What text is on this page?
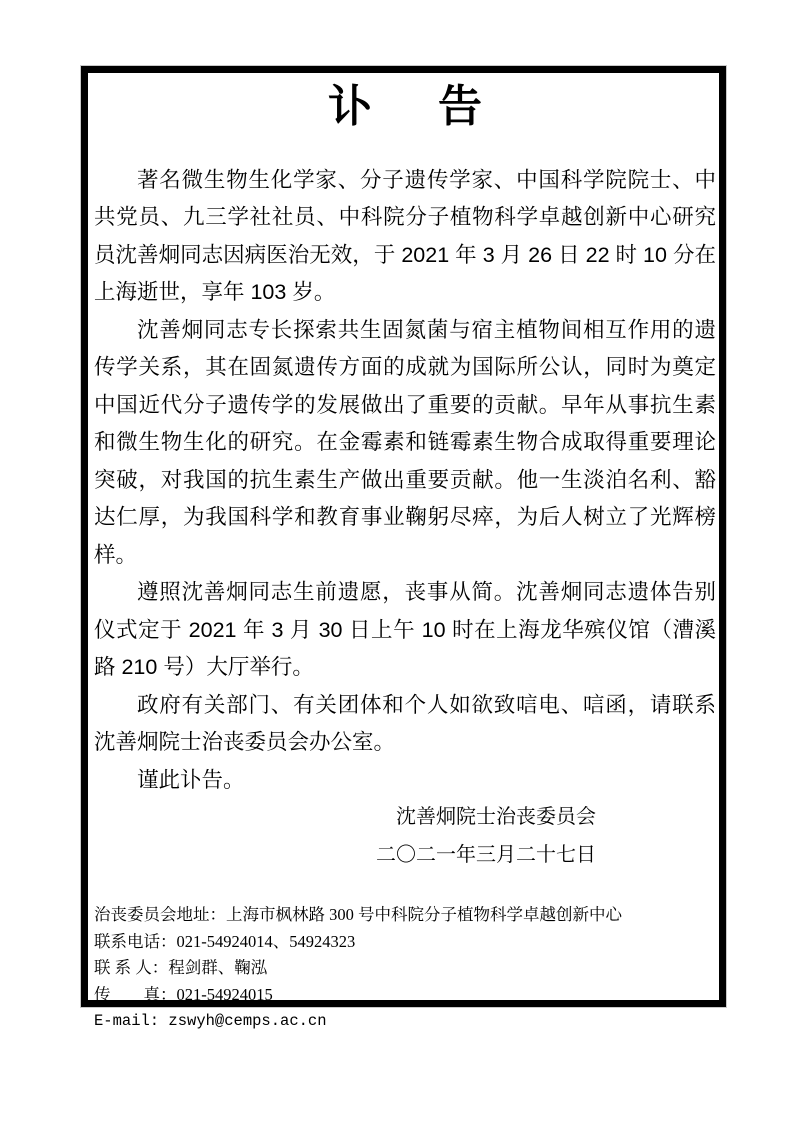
讣 告

著名微生物生化学家、分子遗传学家、中国科学院院士、中共党员、九三学社社员、中科院分子植物科学卓越创新中心研究员沈善炯同志因病医治无效，于 2021 年 3 月 26 日 22 时 10 分在上海逝世，享年 103 岁。

沈善炯同志专长探索共生固氮菌与宿主植物间相互作用的遗传学关系，其在固氮遗传方面的成就为国际所公认，同时为奠定中国近代分子遗传学的发展做出了重要的贡献。早年从事抗生素和微生物生化的研究。在金霉素和链霉素生物合成取得重要理论突破，对我国的抗生素生产做出重要贡献。他一生淡泊名利、豁达仁厚，为我国科学和教育事业鞠躬尽瘁，为后人树立了光辉榜样。

遵照沈善炯同志生前遗愿，丧事从简。沈善炯同志遗体告别仪式定于 2021 年 3 月 30 日上午 10 时在上海龙华殡仪馆（漕溪路 210 号）大厅举行。

政府有关部门、有关团体和个人如欲致唁电、唁函，请联系沈善炯院士治丧委员会办公室。

谨此讣告。

沈善炯院士治丧委员会

二〇二一年三月二十七日

治丧委员会地址：上海市枫林路 300 号中科院分子植物科学卓越创新中心
联系电话：021-54924014、54924323
联 系 人：程剑群、鞠泓
传　　真：021-54924015
E-mail: zswyh@cemps.ac.cn
